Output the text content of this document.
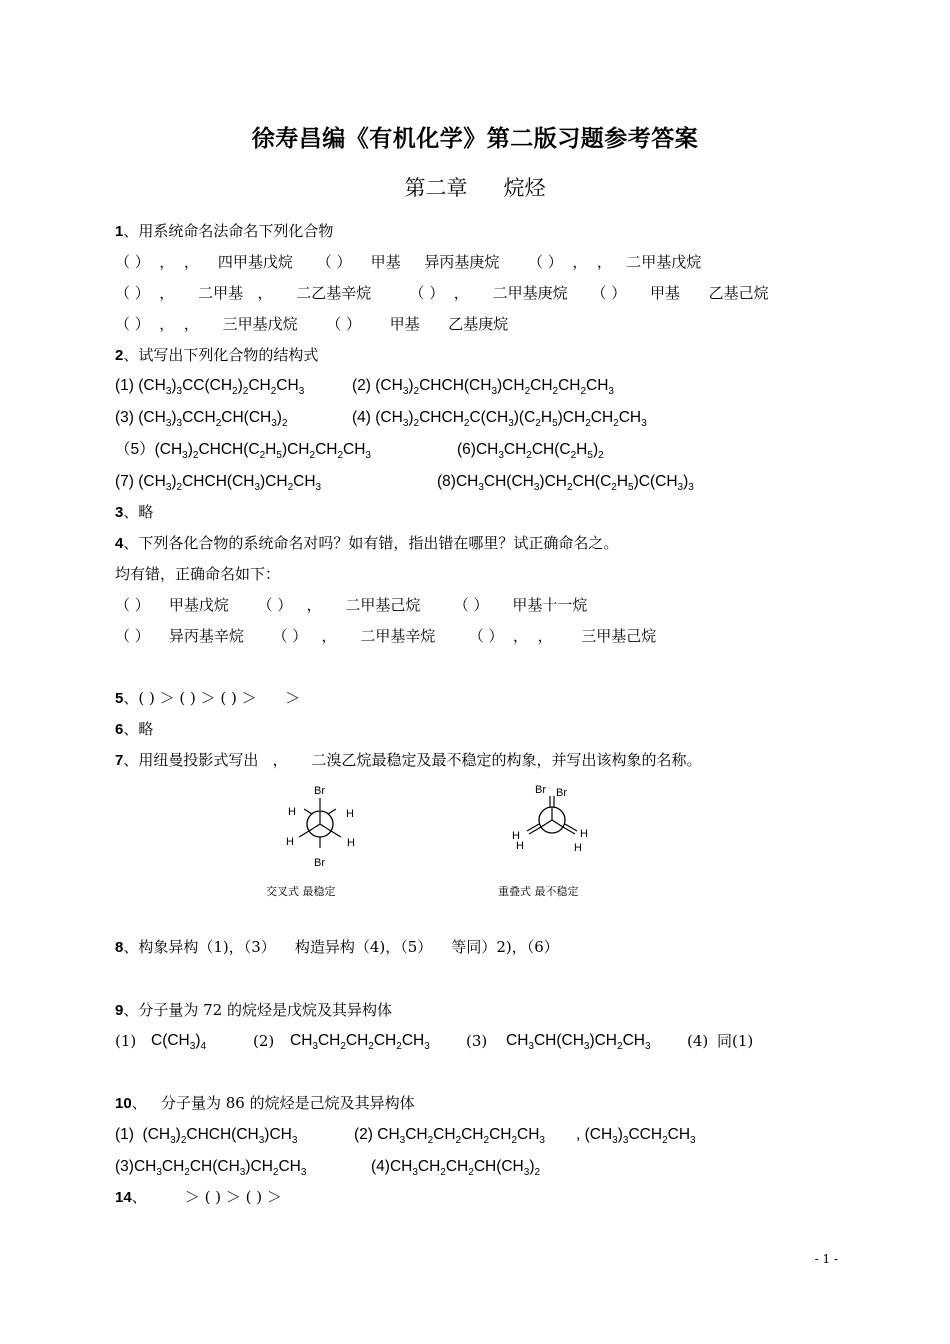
徐寿昌编《有机化学》第二版习题参考答案
第二章 烷烃
1、用系统命名法命名下列化合物
（ ）  ，  ，    四甲基戊烷     （ ）    甲基     异丙基庚烷      （ ）  ，  ，   二甲基戊烷
（ ）  ，     二甲基   ，     二乙基辛烷        （ ）  ，     二甲基庚烷     （ ）     甲基      乙基己烷
（ ）  ，  ，     三甲基戊烷      （ ）      甲基      乙基庚烷
2、试写出下列化合物的结构式
(1) $(CH_3)_3CC(CH_2)_2CH_2CH_3$	(2) $(CH_3)_2CHCH(CH_3)CH_2CH_2CH_2CH_3$
(3) $(CH_3)_3CCH_2CH(CH_3)_2$	(4) $(CH_3)_2CHCH_2C(CH_3)(C_2H_5)CH_2CH_2CH_3$
$(5)(CH_3)_2CHCH(C_2H_5)CH_2CH_2CH_3$	$(6)CH_3CH_2CH(C_2H_5)_2$
(7) $(CH_3)_2CHCH(CH_3)CH_2CH_3$	$(8)CH_3CH(CH_3)CH_2CH(C_2H_5)C(CH_3)_3$
3、略
4、下列各化合物的系统命名对吗？如有错，指出错在哪里？试正确命名之。
均有错，正确命名如下：
（ ）    甲基戊烷      （ ）   ，     二甲基己烷       （ ）     甲基十一烷
（ ）    异丙基辛烷      （ ）   ，     二甲基辛烷       （ ）  ，  ，      三甲基己烷
5、( ) ＞ ( ) ＞ ( ) ＞      ＞
6、略
7、用纽曼投影式写出   ，     二溴乙烷最稳定及最不稳定的构象，并写出该构象的名称。
Br
H	H
H	H
Br
交叉式 最稳定
Br Br
H
H
H
H
重叠式 最不稳定
8、构象异构（1)，（3）    构造异构（4)，（5）    等同）2)，（6）
9、分子量为 72 的烷烃是戊烷及其异构体
(1) $C(CH_3)_4$	(2) $CH_3CH_2CH_2CH_2CH_3$ (3) $CH_3CH(CH_3)CH_2CH_3$ (4) 同(1)
10、   分子量为 86 的烷烃是己烷及其异构体
(1)  $(CH_3)_2CHCH(CH_3)CH_3$	(2) $CH_3CH_2CH_2CH_2CH_2CH_3$ , $(CH_3)_3CCH_2CH_3$
$(3)CH_3CH_2CH(CH_3)CH_2CH_3$	$(4)CH_3CH_2CH_2CH(CH_3)_2$
14、        ＞ ( ) ＞ ( ) ＞
- 1 -
